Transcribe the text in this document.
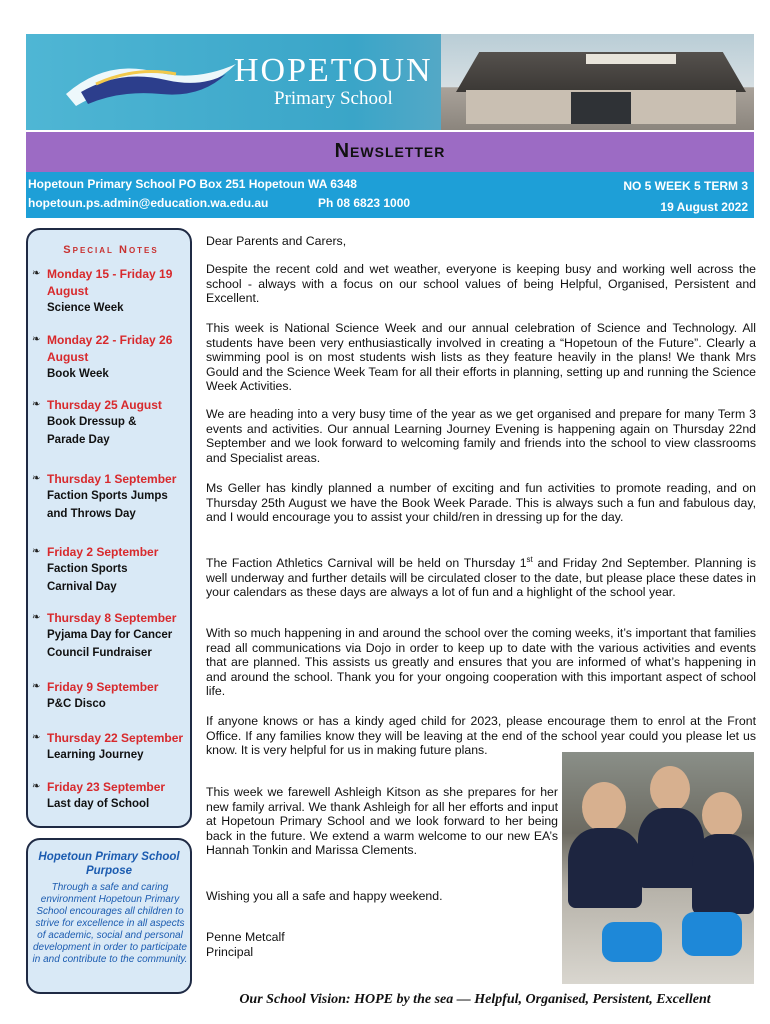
HOPETOUN
Primary School
Newsletter
Hopetoun Primary School PO Box 251 Hopetoun WA 6348
hopetoun.ps.admin@education.wa.edu.au	Ph 08 6823 1000
NO 5 WEEK 5 TERM 3
19 August 2022
Special Notes
❧ Monday 15 - Friday 19
August
Science Week
❧ Monday 22 - Friday 26
August
Book Week
❧ Thursday 25 August
Book Dressup &
Parade Day
❧ Thursday 1 September
Faction Sports Jumps
and Throws Day
❧ Friday 2 September
Faction Sports
Carnival Day
❧ Thursday 8 September
Pyjama Day for Cancer
Council Fundraiser
❧ Friday 9 September
P&C Disco
❧ Thursday 22 September
Learning Journey
❧ Friday 23 September
Last day of School
Hopetoun Primary School Purpose
Through a safe and caring environment Hopetoun Primary School encourages all children to strive for excellence in all aspects of academic, social and personal development in order to participate in and contribute to the community.
Dear Parents and Carers,
Despite the recent cold and wet weather, everyone is keeping busy and working well across the school - always with a focus on our school values of being Helpful, Organised, Persistent and Excellent.
This week is National Science Week and our annual celebration of Science and Technology. All students have been very enthusiastically involved in creating a “Hopetoun of the Future”. Clearly a swimming pool is on most students wish lists as they feature heavily in the plans! We thank Mrs Gould and the Science Week Team for all their efforts in planning, setting up and running the Science Week Activities.
We are heading into a very busy time of the year as we get organised and prepare for many Term 3 events and activities. Our annual Learning Journey Evening is happening again on Thursday 22nd September and we look forward to welcoming family and friends into the school to view classrooms and Specialist areas.
Ms Geller has kindly planned a number of exciting and fun activities to promote reading, and on Thursday 25th August we have the Book Week Parade. This is always such a fun and fabulous day, and I would encourage you to assist your child/ren in dressing up for the day.
The Faction Athletics Carnival will be held on Thursday 1st and Friday 2nd September. Planning is well underway and further details will be circulated closer to the date, but please place these dates in your calendars as these days are always a lot of fun and a highlight of the school year.
With so much happening in and around the school over the coming weeks, it’s important that families read all communications via Dojo in order to keep up to date with the various activities and events that are planned. This assists us greatly and ensures that you are informed of what’s happening in and around the school. Thank you for your ongoing cooperation with this important aspect of school life.
If anyone knows or has a kindy aged child for 2023, please encourage them to enrol at the Front Office. If any families know they will be leaving at the end of the school year could you please let us know. It is very helpful for us in making future plans.
This week we farewell Ashleigh Kitson as she prepares for her new family arrival. We thank Ashleigh for all her efforts and input at Hopetoun Primary School and we look forward to her being back in the future. We extend a warm welcome to our new EA’s Hannah Tonkin and Marissa Clements.
Wishing you all a safe and happy weekend.
Penne Metcalf
Principal
Our School Vision: HOPE by the sea — Helpful, Organised, Persistent, Excellent
